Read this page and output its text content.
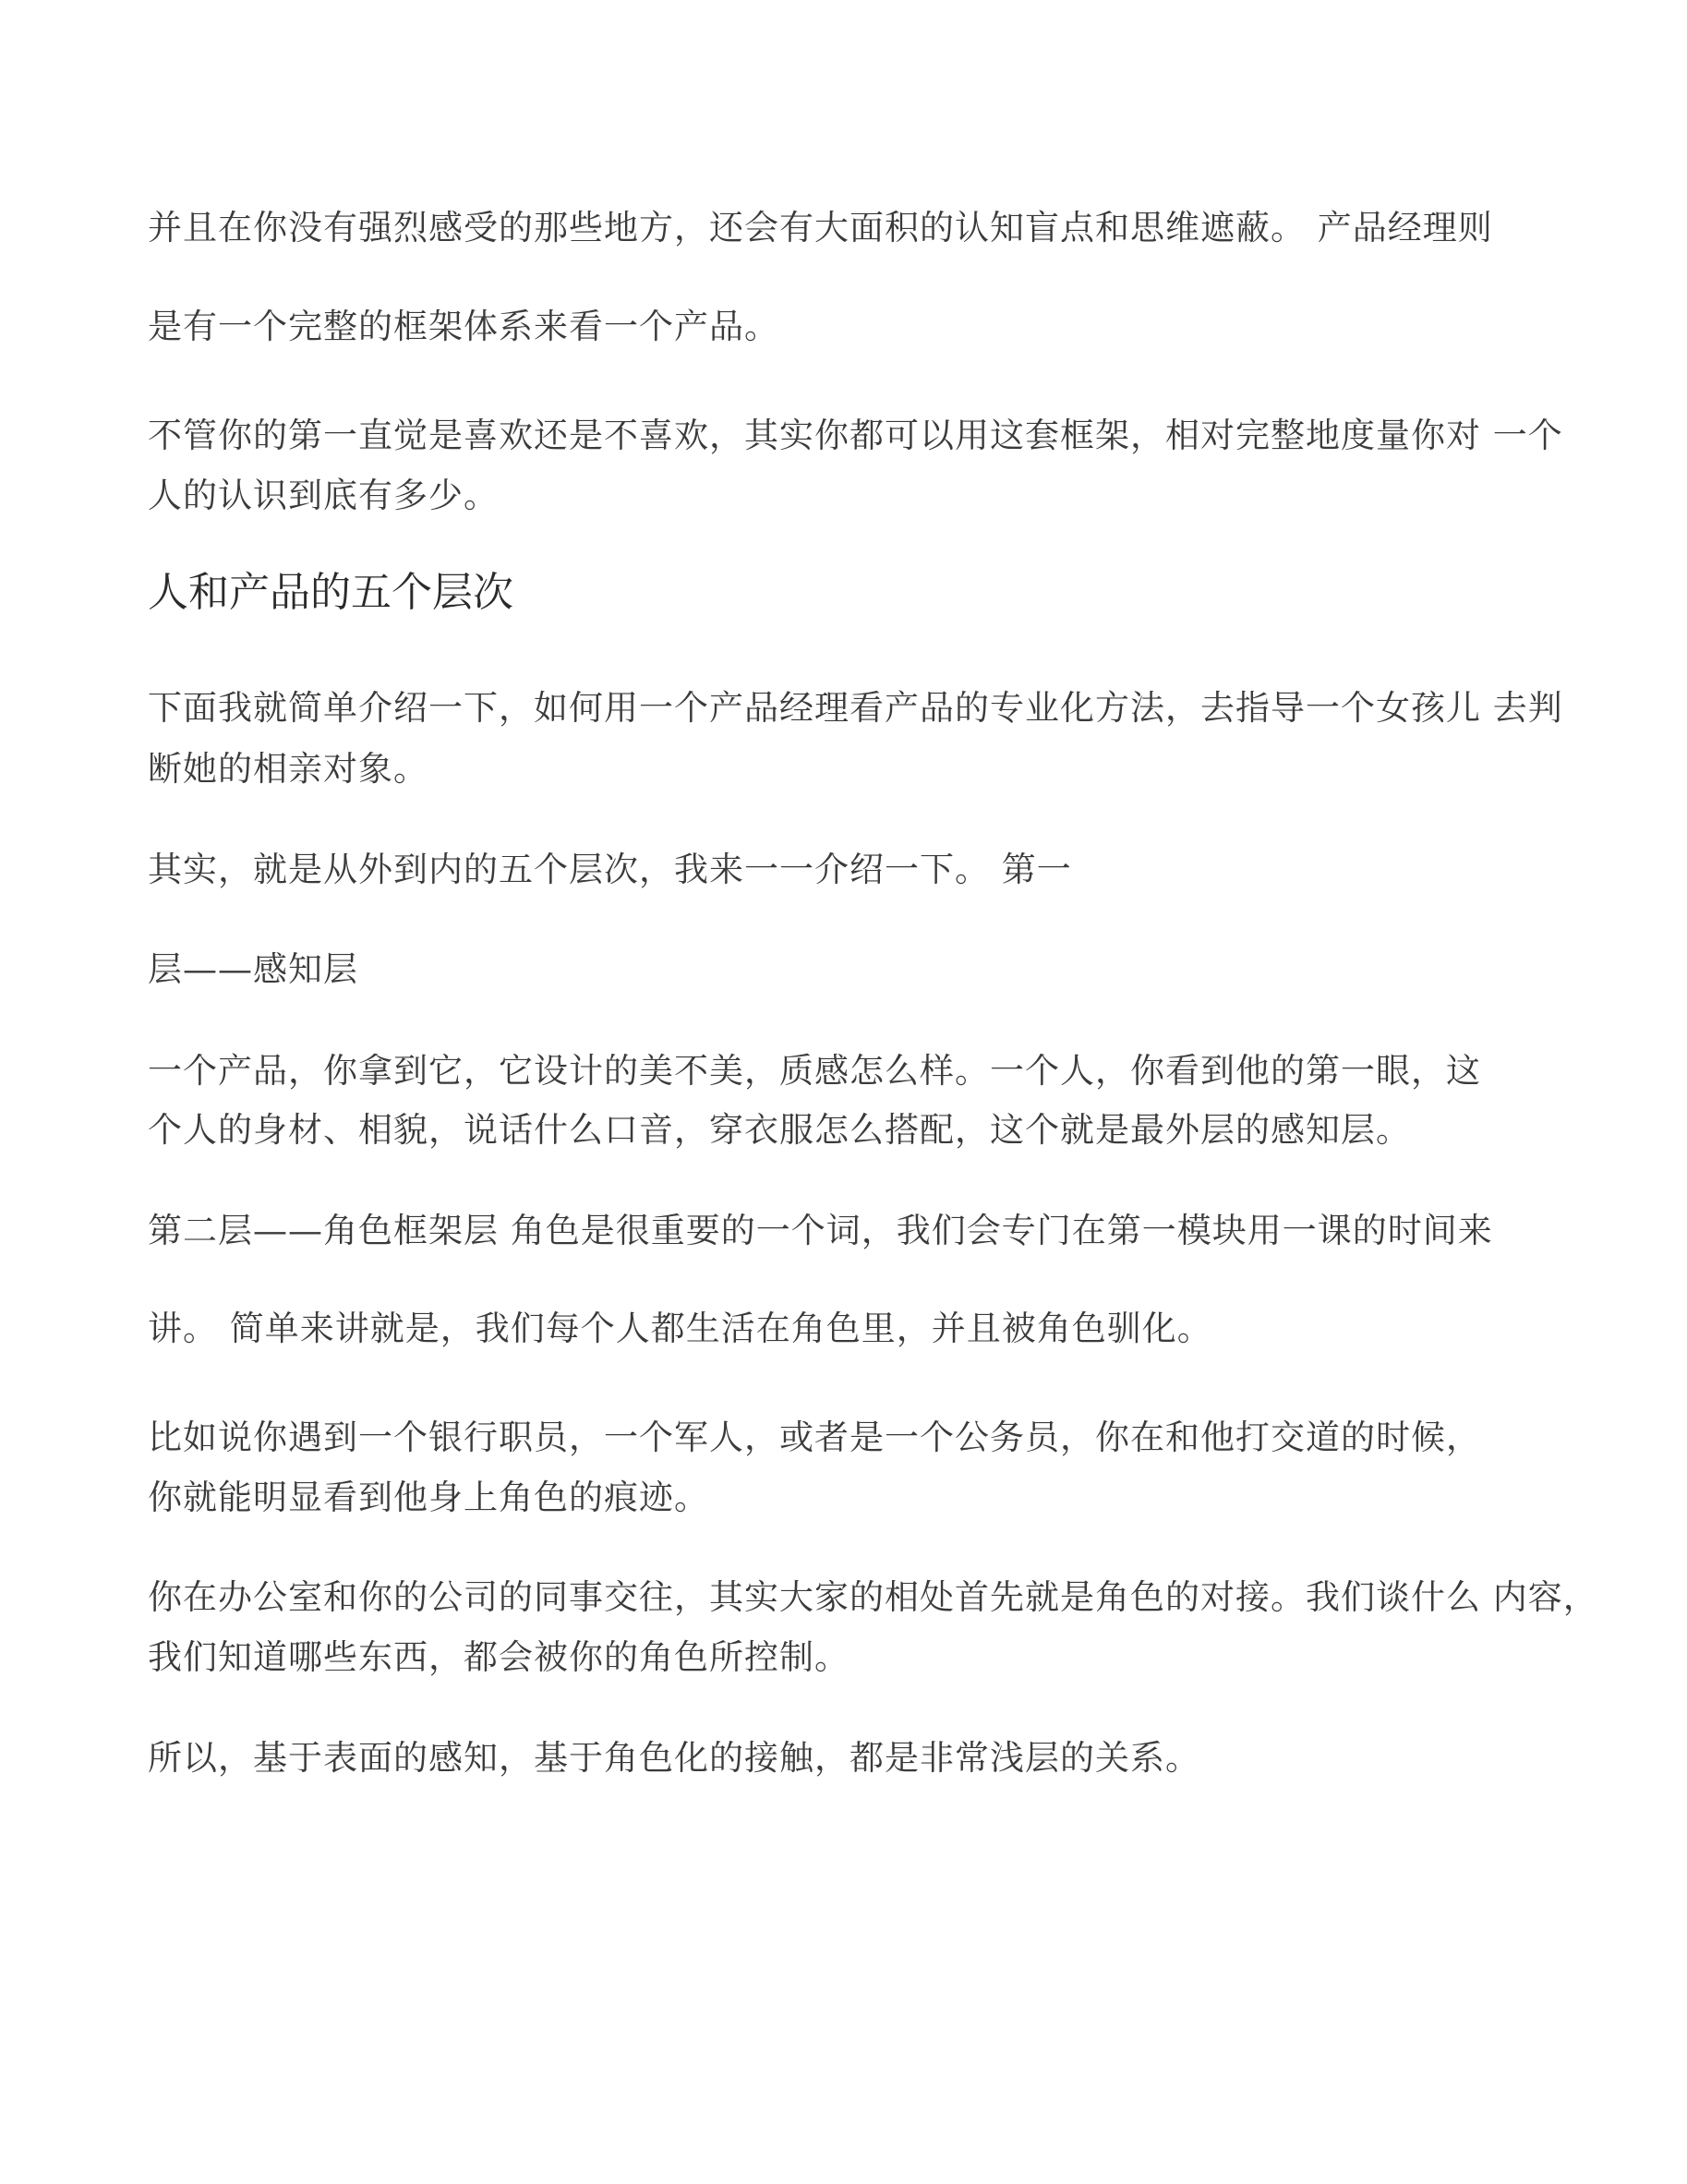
并且在你没有强烈感受的那些地方，还会有大面积的认知盲点和思维遮蔽。 产品经理则
是有一个完整的框架体系来看一个产品。
不管你的第一直觉是喜欢还是不喜欢，其实你都可以用这套框架，相对完整地度量你对 一个
人的认识到底有多少。
人和产品的五个层次
下面我就简单介绍一下，如何用一个产品经理看产品的专业化方法，去指导一个女孩儿 去判
断她的相亲对象。
其实，就是从外到内的五个层次，我来一一介绍一下。 第一
层——感知层
一个产品，你拿到它，它设计的美不美，质感怎么样。一个人，你看到他的第一眼，这
个人的身材、相貌，说话什么口音，穿衣服怎么搭配，这个就是最外层的感知层。
第二层——角色框架层 角色是很重要的一个词，我们会专门在第一模块用一课的时间来
讲。 简单来讲就是，我们每个人都生活在角色里，并且被角色驯化。
比如说你遇到一个银行职员，一个军人，或者是一个公务员，你在和他打交道的时候，
你就能明显看到他身上角色的痕迹。
你在办公室和你的公司的同事交往，其实大家的相处首先就是角色的对接。我们谈什么 内容，
我们知道哪些东西，都会被你的角色所控制。
所以，基于表面的感知，基于角色化的接触，都是非常浅层的关系。
